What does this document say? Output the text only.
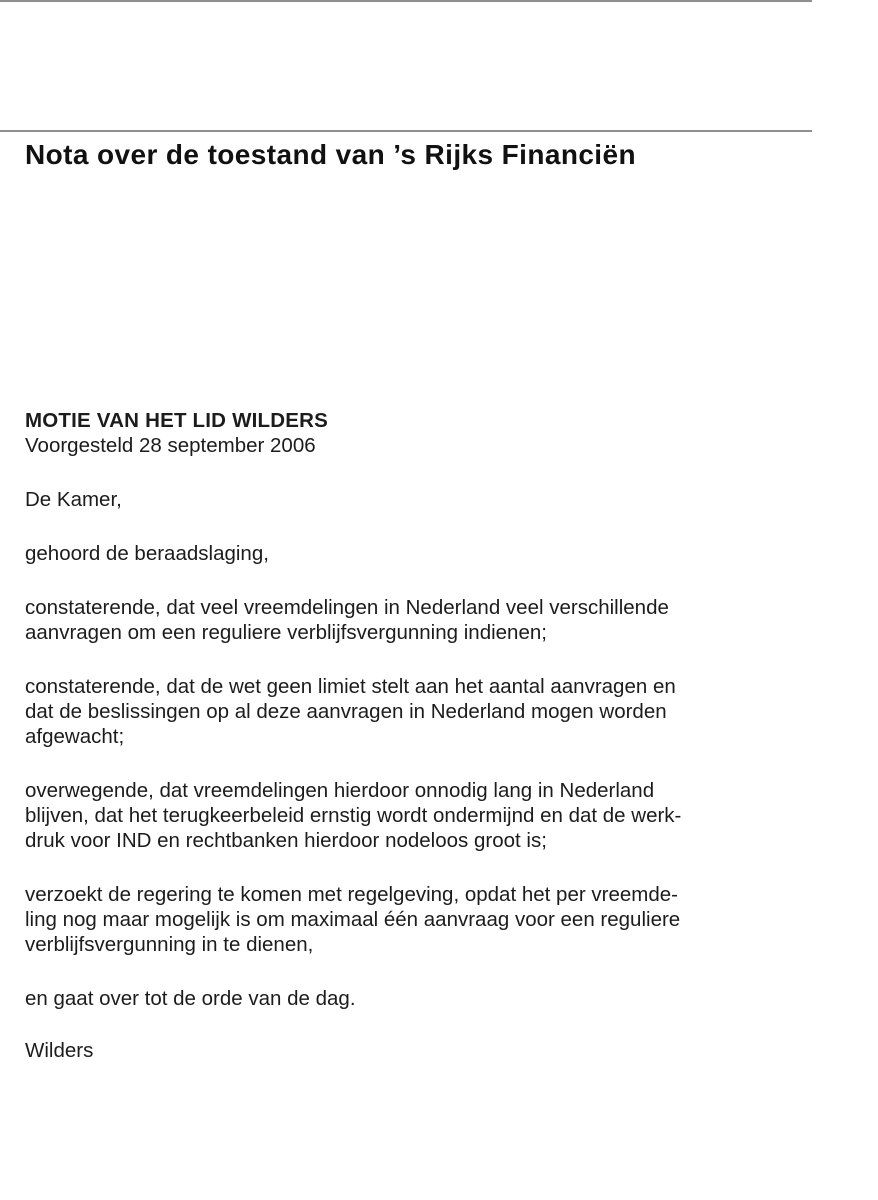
Nota over de toestand van ’s Rijks Financiën

MOTIE VAN HET LID WILDERS

Voorgesteld 28 september 2006

De Kamer,

gehoord de beraadslaging,

constaterende, dat veel vreemdelingen in Nederland veel verschillende
aanvragen om een reguliere verblijfsvergunning indienen;

constaterende, dat de wet geen limiet stelt aan het aantal aanvragen en
dat de beslissingen op al deze aanvragen in Nederland mogen worden
afgewacht;

overwegende, dat vreemdelingen hierdoor onnodig lang in Nederland
blijven, dat het terugkeerbeleid ernstig wordt ondermijnd en dat de werk-
druk voor IND en rechtbanken hierdoor nodeloos groot is;

verzoekt de regering te komen met regelgeving, opdat het per vreemde-
ling nog maar mogelijk is om maximaal één aanvraag voor een reguliere
verblijfsvergunning in te dienen,

en gaat over tot de orde van de dag.

Wilders
